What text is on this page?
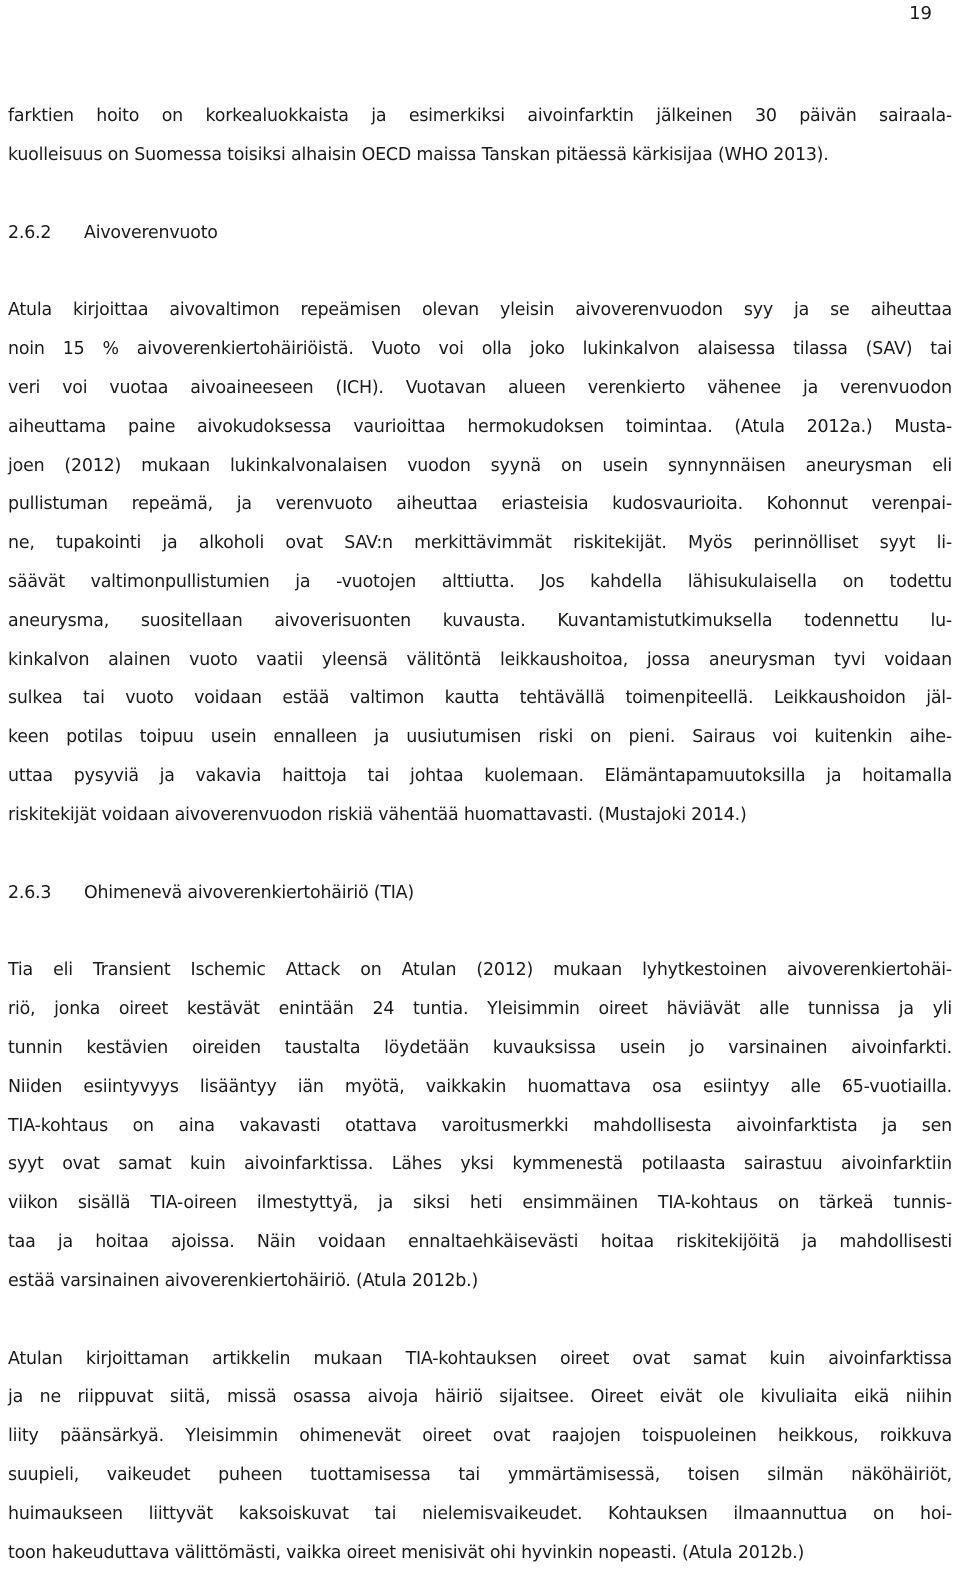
19

farktien hoito on korkealuokkaista ja esimerkiksi aivoinfarktin jälkeinen 30 päivän sairaala-
kuolleisuus on Suomessa toisiksi alhaisin OECD maissa Tanskan pitäessä kärkisijaa (WHO 2013).

2.6.2 Aivoverenvuoto

Atula kirjoittaa aivovaltimon repeämisen olevan yleisin aivoverenvuodon syy ja se aiheuttaa
noin 15 % aivoverenkiertohäiriöistä. Vuoto voi olla joko lukinkalvon alaisessa tilassa (SAV) tai
veri voi vuotaa aivoaineeseen (ICH). Vuotavan alueen verenkierto vähenee ja verenvuodon
aiheuttama paine aivokudoksessa vaurioittaa hermokudoksen toimintaa. (Atula 2012a.) Musta-
joen (2012) mukaan lukinkalvonalaisen vuodon syynä on usein synnynnäisen aneurysman eli
pullistuman repeämä, ja verenvuoto aiheuttaa eriasteisia kudosvaurioita. Kohonnut verenpai-
ne, tupakointi ja alkoholi ovat SAV:n merkittävimmät riskitekijät. Myös perinnölliset syyt li-
säävät valtimonpullistumien ja -vuotojen alttiutta. Jos kahdella lähisukulaisella on todettu
aneurysma, suositellaan aivoverisuonten kuvausta. Kuvantamistutkimuksella todennettu lu-
kinkalvon alainen vuoto vaatii yleensä välitöntä leikkaushoitoa, jossa aneurysman tyvi voidaan
sulkea tai vuoto voidaan estää valtimon kautta tehtävällä toimenpiteellä. Leikkaushoidon jäl-
keen potilas toipuu usein ennalleen ja uusiutumisen riski on pieni. Sairaus voi kuitenkin aihe-
uttaa pysyviä ja vakavia haittoja tai johtaa kuolemaan. Elämäntapamuutoksilla ja hoitamalla
riskitekijät voidaan aivoverenvuodon riskiä vähentää huomattavasti. (Mustajoki 2014.)

2.6.3 Ohimenevä aivoverenkiertohäiriö (TIA)

Tia eli Transient Ischemic Attack on Atulan (2012) mukaan lyhytkestoinen aivoverenkiertohäi-
riö, jonka oireet kestävät enintään 24 tuntia. Yleisimmin oireet häviävät alle tunnissa ja yli
tunnin kestävien oireiden taustalta löydetään kuvauksissa usein jo varsinainen aivoinfarkti.
Niiden esiintyvyys lisääntyy iän myötä, vaikkakin huomattava osa esiintyy alle 65-vuotiailla.
TIA-kohtaus on aina vakavasti otattava varoitusmerkki mahdollisesta aivoinfarktista ja sen
syyt ovat samat kuin aivoinfarktissa. Lähes yksi kymmenestä potilaasta sairastuu aivoinfarktiin
viikon sisällä TIA-oireen ilmestyttyä, ja siksi heti ensimmäinen TIA-kohtaus on tärkeä tunnis-
taa ja hoitaa ajoissa. Näin voidaan ennaltaehkäisevästi hoitaa riskitekijöitä ja mahdollisesti
estää varsinainen aivoverenkiertohäiriö. (Atula 2012b.)

Atulan kirjoittaman artikkelin mukaan TIA-kohtauksen oireet ovat samat kuin aivoinfarktissa
ja ne riippuvat siitä, missä osassa aivoja häiriö sijaitsee. Oireet eivät ole kivuliaita eikä niihin
liity päänsärkyä. Yleisimmin ohimenevät oireet ovat raajojen toispuoleinen heikkous, roikkuva
suupieli, vaikeudet puheen tuottamisessa tai ymmärtämisessä, toisen silmän näköhäiriöt,
huimaukseen liittyvät kaksoiskuvat tai nielemisvaikeudet. Kohtauksen ilmaannuttua on hoi-
toon hakeuduttava välittömästi, vaikka oireet menisivät ohi hyvinkin nopeasti. (Atula 2012b.)
